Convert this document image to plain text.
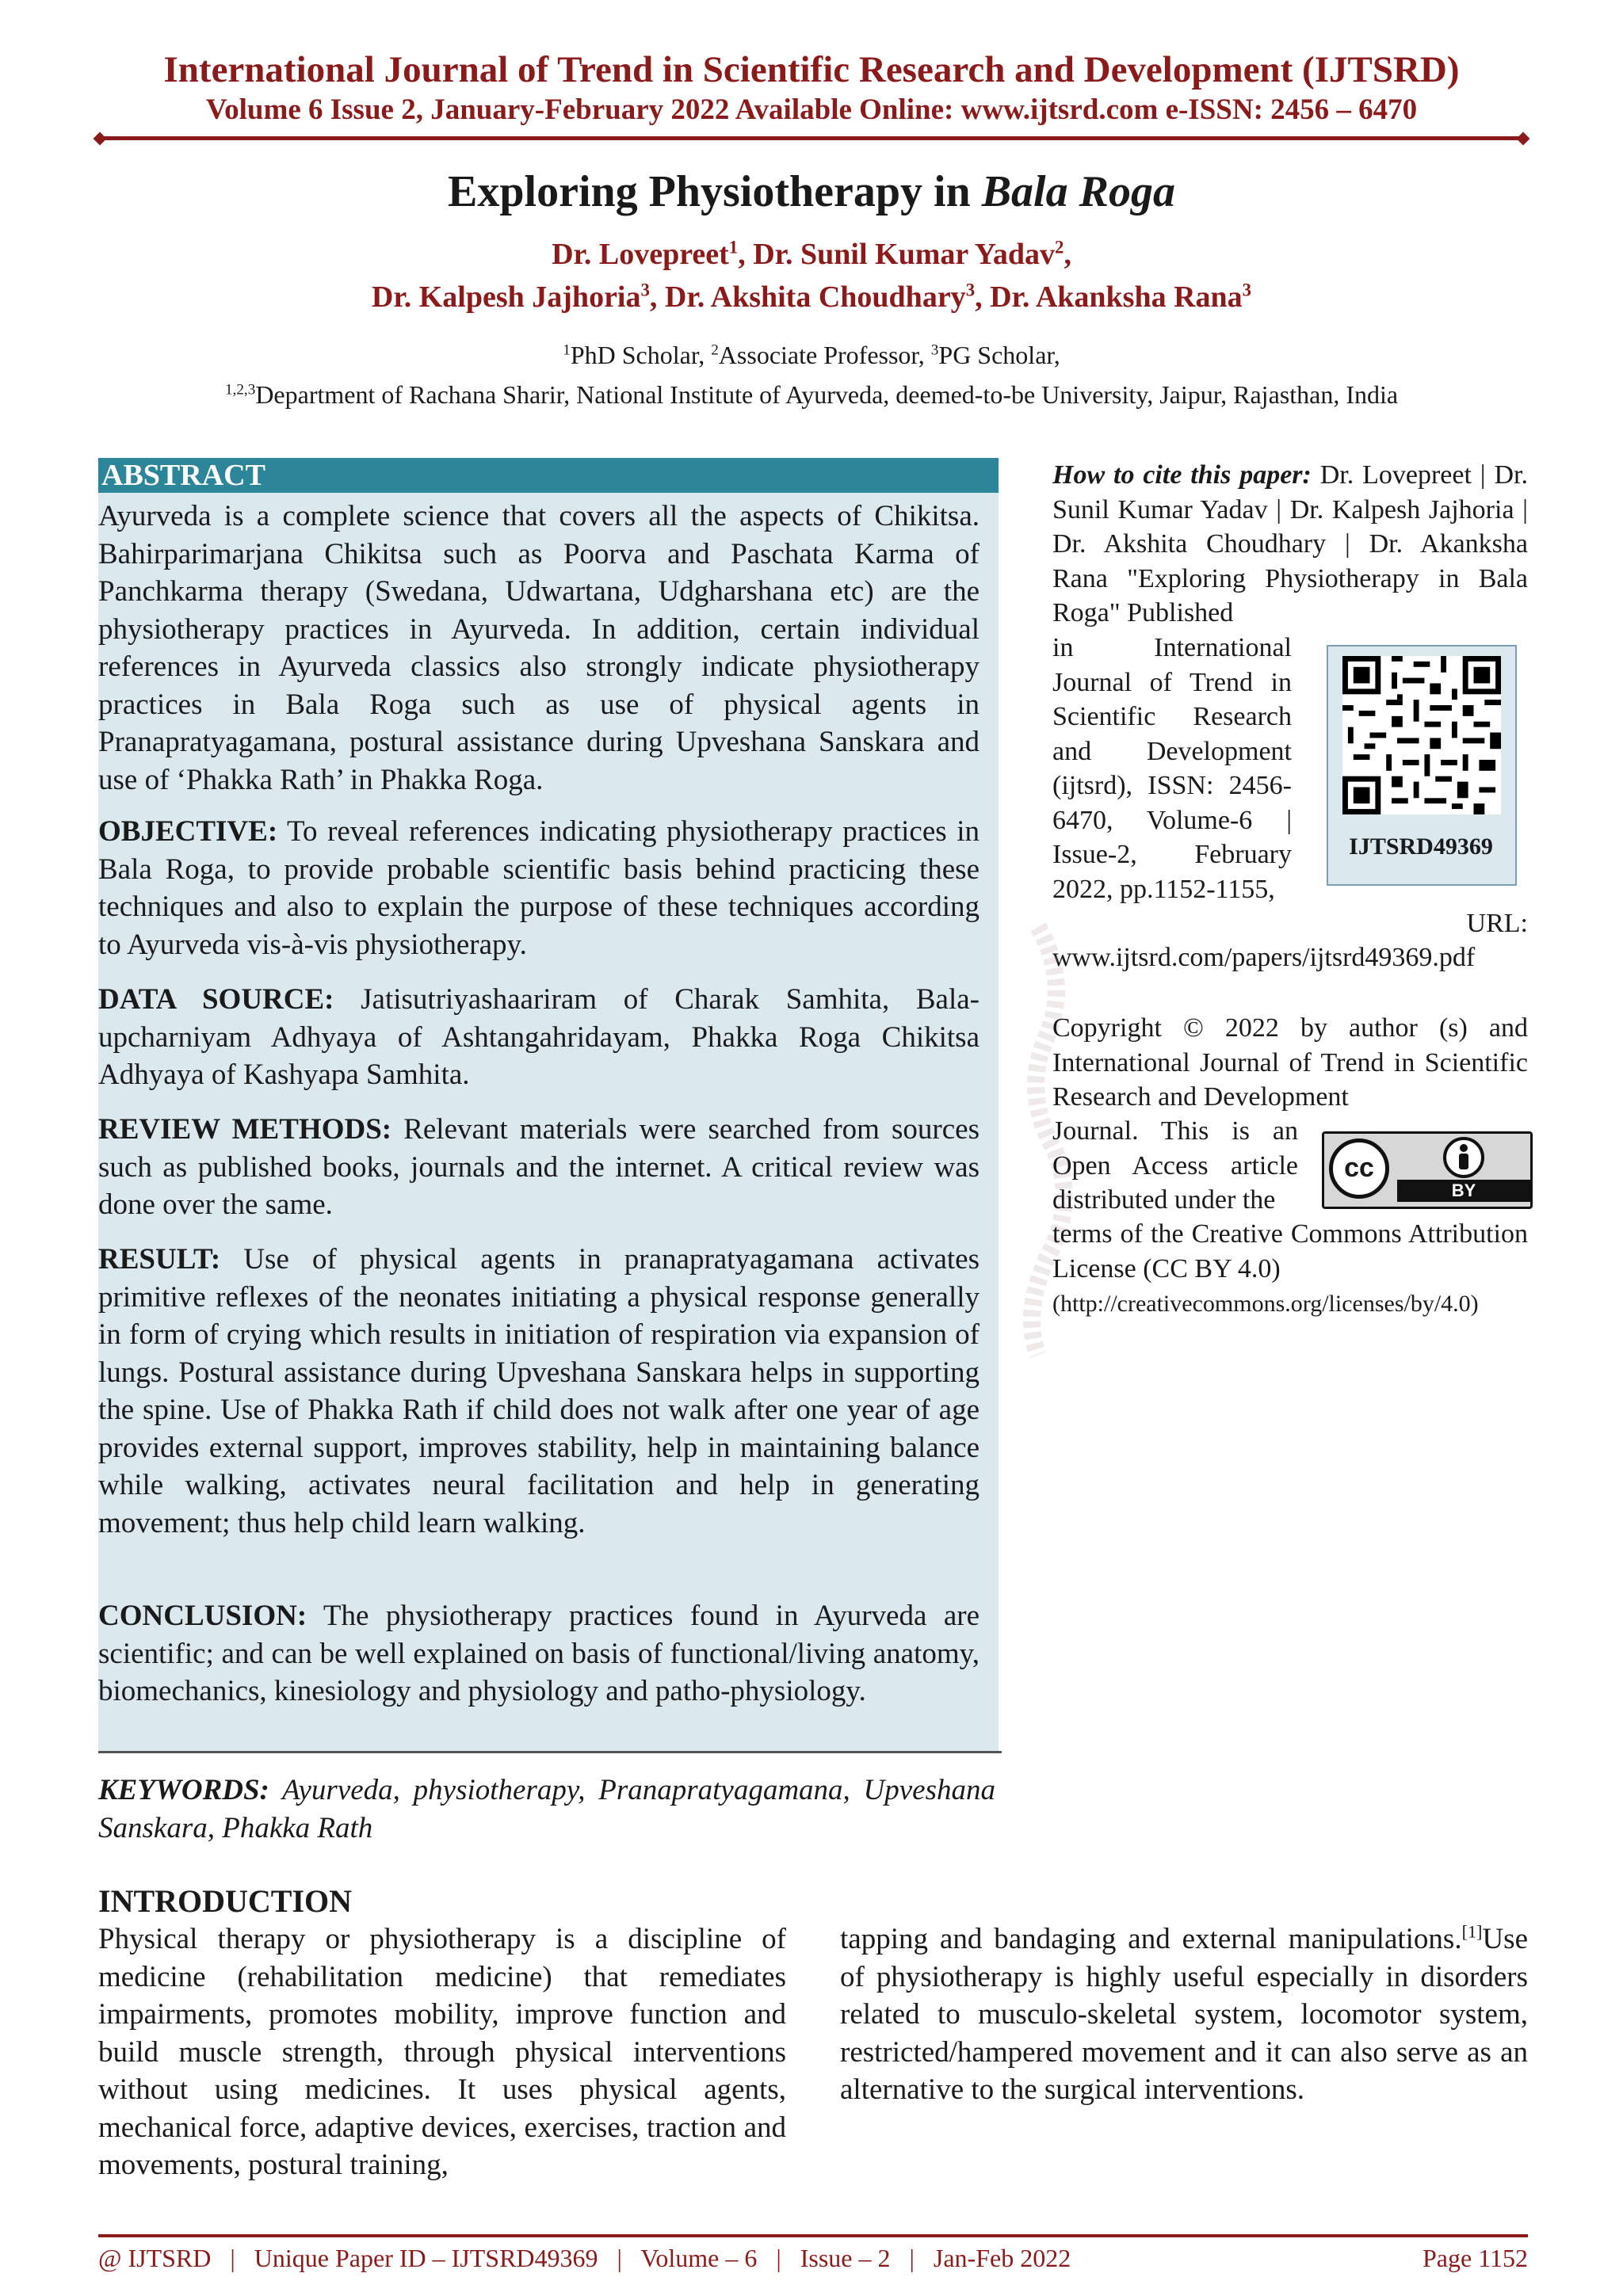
International Journal of Trend in Scientific Research and Development (IJTSRD)
Volume 6 Issue 2, January-February 2022 Available Online: www.ijtsrd.com e-ISSN: 2456 – 6470
Exploring Physiotherapy in Bala Roga
Dr. Lovepreet$^1$, Dr. Sunil Kumar Yadav$^2$,
Dr. Kalpesh Jajhoria$^3$, Dr. Akshita Choudhary$^3$, Dr. Akanksha Rana$^3$
$^1$PhD Scholar, $^2$Associate Professor, $^3$PG Scholar,
$^{1,2,3}$Department of Rachana Sharir, National Institute of Ayurveda, deemed-to-be University, Jaipur, Rajasthan, India
ABSTRACT
Ayurveda is a complete science that covers all the aspects of Chikitsa. Bahirparimarjana Chikitsa such as Poorva and Paschata Karma of Panchkarma therapy (Swedana, Udwartana, Udgharshana etc) are the physiotherapy practices in Ayurveda. In addition, certain individual references in Ayurveda classics also strongly indicate physiotherapy practices in Bala Roga such as use of physical agents in Pranapratyagamana, postural assistance during Upveshana Sanskara and use of ‘Phakka Rath’ in Phakka Roga.
OBJECTIVE: To reveal references indicating physiotherapy practices in Bala Roga, to provide probable scientific basis behind practicing these techniques and also to explain the purpose of these techniques according to Ayurveda vis-à-vis physiotherapy.
DATA SOURCE: Jatisutriyashaariram of Charak Samhita, Bala-upcharniyam Adhyaya of Ashtangahridayam, Phakka Roga Chikitsa Adhyaya of Kashyapa Samhita.
REVIEW METHODS: Relevant materials were searched from sources such as published books, journals and the internet. A critical review was done over the same.
RESULT: Use of physical agents in pranapratyagamana activates primitive reflexes of the neonates initiating a physical response generally in form of crying which results in initiation of respiration via expansion of lungs. Postural assistance during Upveshana Sanskara helps in supporting the spine. Use of Phakka Rath if child does not walk after one year of age provides external support, improves stability, help in maintaining balance while walking, activates neural facilitation and help in generating movement; thus help child learn walking.
CONCLUSION: The physiotherapy practices found in Ayurveda are scientific; and can be well explained on basis of functional/living anatomy, biomechanics, kinesiology and physiology and patho-physiology.
How to cite this paper: Dr. Lovepreet | Dr. Sunil Kumar Yadav | Dr. Kalpesh Jajhoria | Dr. Akshita Choudhary | Dr. Akanksha Rana "Exploring Physiotherapy in Bala Roga" Published
in International Journal of Trend in Scientific Research and Development (ijtsrd), ISSN: 2456-6470, Volume-6 | Issue-2, February 2022, pp.1152-1155,
URL:
www.ijtsrd.com/papers/ijtsrd49369.pdf
IJTSRD49369
Copyright © 2022 by author (s) and International Journal of Trend in Scientific Research and Development
Journal. This is an Open Access article distributed under the
cc
BY
terms of the Creative Commons Attribution License (CC BY 4.0)
(http://creativecommons.org/licenses/by/4.0)
KEYWORDS: Ayurveda, physiotherapy, Pranapratyagamana, Upveshana Sanskara, Phakka Rath
INTRODUCTION
Physical therapy or physiotherapy is a discipline of medicine (rehabilitation medicine) that remediates impairments, promotes mobility, improve function and build muscle strength, through physical interventions without using medicines. It uses physical agents, mechanical force, adaptive devices, exercises, traction and movements, postural training,
tapping and bandaging and external manipulations.[1]Use of physiotherapy is highly useful especially in disorders related to musculo-skeletal system, locomotor system, restricted/hampered movement and it can also serve as an alternative to the surgical interventions.
@ IJTSRD   |   Unique Paper ID – IJTSRD49369   |   Volume – 6   |   Issue – 2   |   Jan-Feb 2022	Page 1152
